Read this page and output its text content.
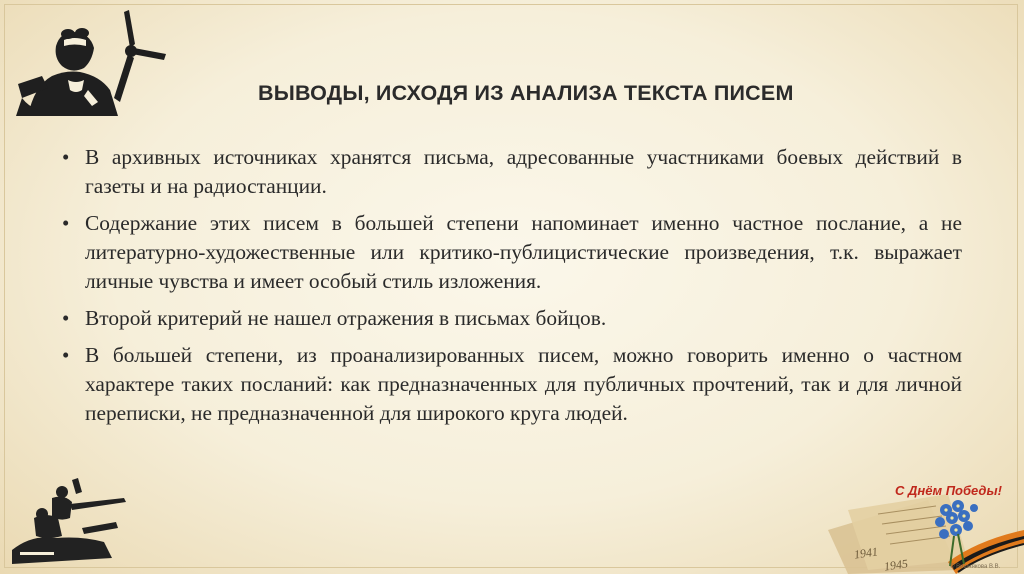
ВЫВОДЫ, ИСХОДЯ ИЗ АНАЛИЗА ТЕКСТА ПИСЕМ
• В архивных источниках хранятся письма, адресованные участниками боевых действий в газеты и на радиостанции.
• Содержание этих писем в большей степени напоминает именно частное послание, а не литературно-художественные или критико-публицистические произведения, т.к. выражает личные чувства и имеет особый стиль изложения.
• Второй критерий не нашел отражения в письмах бойцов.
• В большей степени, из проанализированных писем, можно говорить именно о частном характере таких посланий: как предназначенных для публичных прочтений, так и для личной переписки, не предназначенной для широкого круга людей.
С Днём Победы!
1941
1945	© Вишнякова В.В.
